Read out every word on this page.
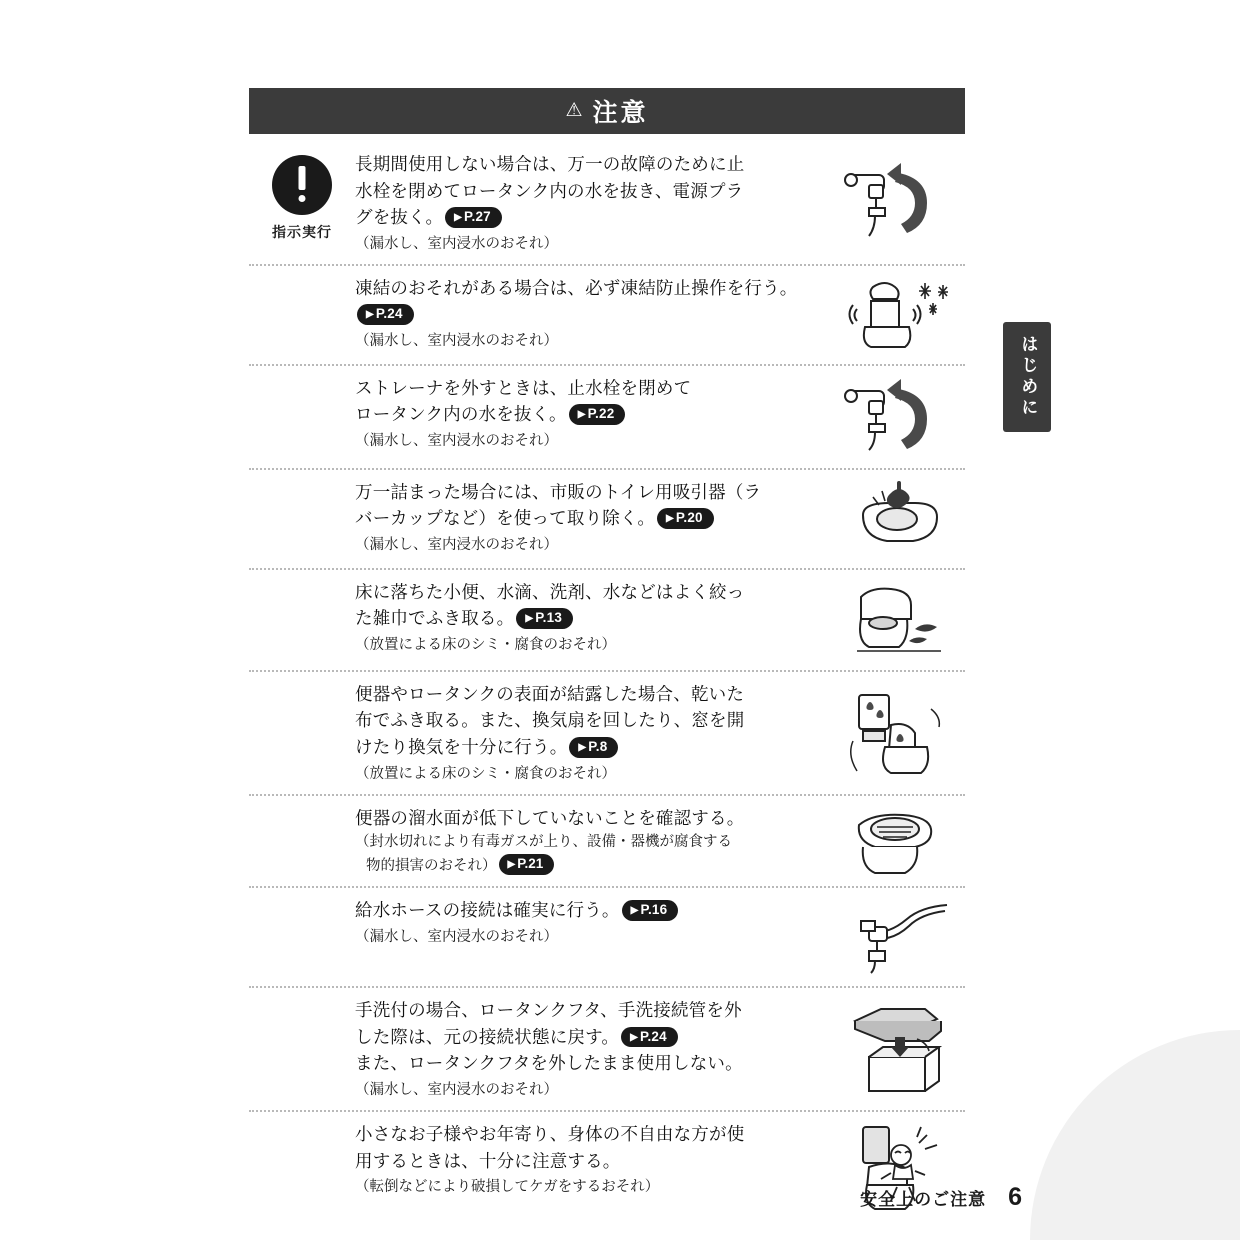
はじめに
⚠ 注意
指示実行
長期間使用しない場合は、万一の故障のために止
水栓を閉めてロータンク内の水を抜き、電源プラ
グを抜く。 ▶ P.27
（漏水し、室内浸水のおそれ）
凍結のおそれがある場合は、必ず凍結防止操作を行う。
▶ P.24
（漏水し、室内浸水のおそれ）
ストレーナを外すときは、止水栓を閉めて
ロータンク内の水を抜く。 ▶ P.22
（漏水し、室内浸水のおそれ）
万一詰まった場合には、市販のトイレ用吸引器（ラ
バーカップなど）を使って取り除く。 ▶ P.20
（漏水し、室内浸水のおそれ）
床に落ちた小便、水滴、洗剤、水などはよく絞っ
た雑巾でふき取る。 ▶ P.13
（放置による床のシミ・腐食のおそれ）
便器やロータンクの表面が結露した場合、乾いた
布でふき取る。また、換気扇を回したり、窓を開
けたり換気を十分に行う。 ▶ P.8
（放置による床のシミ・腐食のおそれ）
便器の溜水面が低下していないことを確認する。
（封水切れにより有毒ガスが上り、設備・器機が腐食する
物的損害のおそれ） ▶ P.21
給水ホースの接続は確実に行う。 ▶ P.16
（漏水し、室内浸水のおそれ）
手洗付の場合、ロータンクフタ、手洗接続管を外
した際は、元の接続状態に戻す。 ▶ P.24
また、ロータンクフタを外したまま使用しない。
（漏水し、室内浸水のおそれ）
小さなお子様やお年寄り、身体の不自由な方が使
用するときは、十分に注意する。
（転倒などにより破損してケガをするおそれ）
安全上のご注意 6
